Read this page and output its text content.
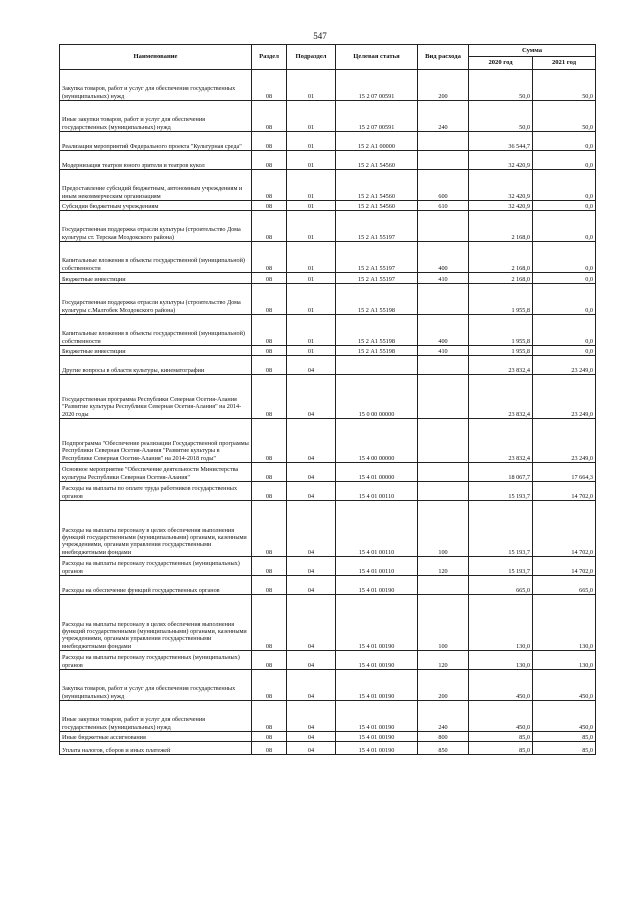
547
Наименование	Раздел	Подраздел	Целевая статья	Вид расхода	Сумма	
					2020 год	2021 год
Закупка товаров, работ и услуг для обеспечения государственных (муниципальных) нужд	08	01	15 2 07 00591	200	50,0	50,0
Иные закупки товаров, работ и услуг для обеспечения государственных (муниципальных) нужд	08	01	15 2 07 00591	240	50,0	50,0
Реализация мероприятий Федерального проекта "Культурная среда"	08	01	15 2 А1 00000		36 544,7	0,0
Модернизация театров юного зрителя и театров кукол	08	01	15 2 А1 54560		32 420,9	0,0
Предоставление субсидий бюджетным, автономным учреждениям и иным некоммерческим организациям	08	01	15 2 А1 54560	600	32 420,9	0,0
Субсидии бюджетным учреждениям	08	01	15 2 А1 54560	610	32 420,9	0,0
Государственная поддержка отрасли культуры (строительство Дома культуры ст. Терская Моздокского района)	08	01	15 2 А1 55197		2 168,0	0,0
Капитальные вложения в объекты государственной (муниципальной) собственности	08	01	15 2 А1 55197	400	2 168,0	0,0
Бюджетные инвестиции	08	01	15 2 А1 55197	410	2 168,0	0,0
Государственная поддержка отрасли культуры (строительство Дома культуры с.Малгобек Моздокского района)	08	01	15 2 А1 55198		1 955,8	0,0
Капитальные вложения в объекты государственной (муниципальной) собственности	08	01	15 2 А1 55198	400	1 955,8	0,0
Бюджетные инвестиции	08	01	15 2 А1 55198	410	1 955,8	0,0
Другие вопросы в области культуры, кинематографии	08	04			23 832,4	23 249,0
Государственная программа Республики Северная Осетия-Алания "Развитие культуры Республики Северная Осетия-Алания" на 2014-2020 годы	08	04	15 0 00 00000		23 832,4	23 249,0
Подпрограмма "Обеспечение реализации Государственной программы Республики Северная Осетия-Алания "Развитие культуры в Республике Северная Осетия-Алания" на 2014-2018 годы"	08	04	15 4 00 00000		23 832,4	23 249,0
Основное мероприятие "Обеспечение деятельности Министерства культуры Республики Северная Осетия-Алания"	08	04	15 4 01 00000		18 067,7	17 664,3
Расходы на выплаты по оплате труда работников государственных органов	08	04	15 4 01 00110		15 193,7	14 702,0
Расходы на выплаты персоналу в целях обеспечения выполнения функций государственными (муниципальными) органами, казенными учреждениями, органами управления государственными внебюджетными фондами	08	04	15 4 01 00110	100	15 193,7	14 702,0
Расходы на выплаты персоналу государственных (муниципальных) органов	08	04	15 4 01 00110	120	15 193,7	14 702,0
Расходы на обеспечение функций государственных органов	08	04	15 4 01 00190		665,0	665,0
Расходы на выплаты персоналу в целях обеспечения выполнения функций государственными (муниципальными) органами, казенными учреждениями, органами управления государственными внебюджетными фондами	08	04	15 4 01 00190	100	130,0	130,0
Расходы на выплаты персоналу государственных (муниципальных) органов	08	04	15 4 01 00190	120	130,0	130,0
Закупка товаров, работ и услуг для обеспечения государственных (муниципальных) нужд	08	04	15 4 01 00190	200	450,0	450,0
Иные закупки товаров, работ и услуг для обеспечения государственных (муниципальных) нужд	08	04	15 4 01 00190	240	450,0	450,0
Иные бюджетные ассигнования	08	04	15 4 01 00190	800	85,0	85,0
Уплата налогов, сборов и иных платежей	08	04	15 4 01 00190	850	85,0	85,0
